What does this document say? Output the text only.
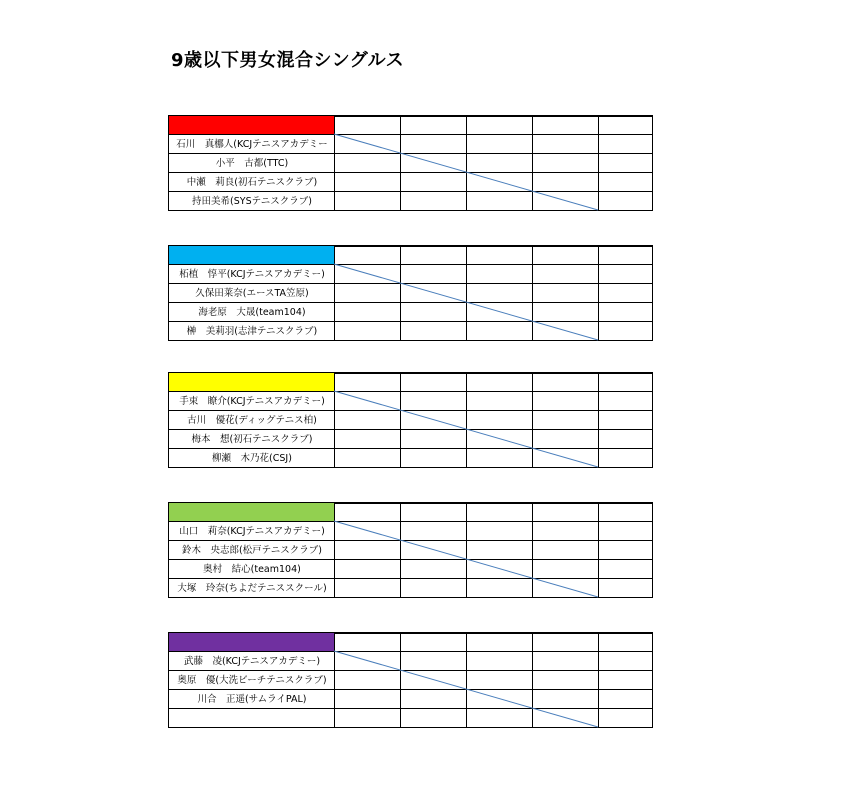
9歳以下男女混合シングルス
石川　真梛人(KCJテニスアカデミー
小平　古都(TTC)
中瀬　莉良(初石テニスクラブ)
持田美希(SYSテニスクラブ)
柘植　惇平(KCJテニスアカデミー)
久保田莱奈(エースTA笠原)
海老原　大晟(team104)
榊　美莉羽(志津テニスクラブ)
手束　瞭介(KCJテニスアカデミー)
古川　優花(ディッグテニス柏)
梅本　想(初石テニスクラブ)
柳瀬　木乃花(CSJ)
山口　莉奈(KCJテニスアカデミー)
鈴木　央志郎(松戸テニスクラブ)
奥村　結心(team104)
大塚　玲奈(ちよだテニススクール)
武藤　凌(KCJテニスアカデミー)
奥原　優(大洗ビーチテニスクラブ)
川合　正遥(サムライPAL)
